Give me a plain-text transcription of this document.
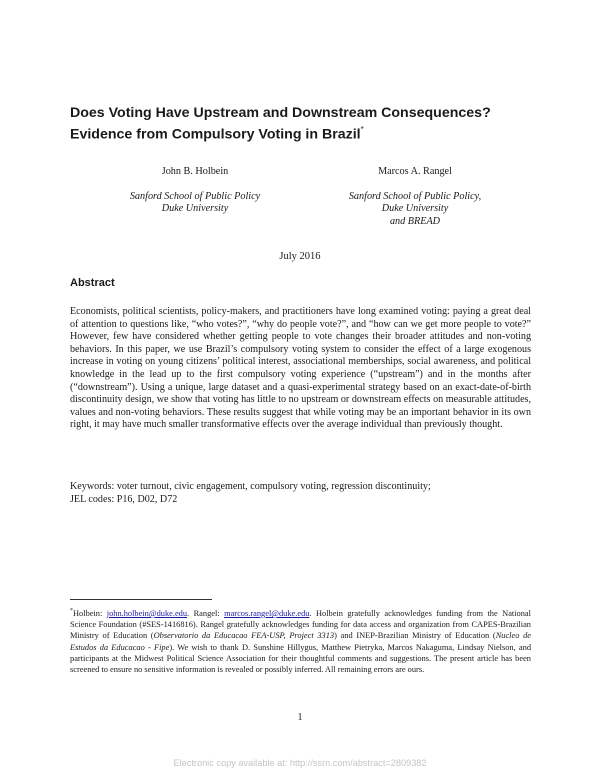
Does Voting Have Upstream and Downstream Consequences?
Evidence from Compulsory Voting in Brazil*
John B. Holbein
Sanford School of Public Policy
Duke University
Marcos A. Rangel
Sanford School of Public Policy,
Duke University
and BREAD
July 2016
Abstract
Economists, political scientists, policy-makers, and practitioners have long examined voting: paying a great deal of attention to questions like, “who votes?”, “why do people vote?”, and “how can we get more people to vote?” However, few have considered whether getting people to vote changes their broader attitudes and non-voting behaviors. In this paper, we use Brazil’s compulsory voting system to consider the effect of a large exogenous increase in voting on young citizens’ political interest, associational memberships, social awareness, and political knowledge in the lead up to the first compulsory voting experience (“upstream”) and in the months after (“downstream”). Using a unique, large dataset and a quasi-experimental strategy based on an exact-date-of-birth discontinuity design, we show that voting has little to no upstream or downstream effects on measurable attitudes, values and non-voting behaviors. These results suggest that while voting may be an important behavior in its own right, it may have much smaller transformative effects over the average individual than previously thought.
Keywords: voter turnout, civic engagement, compulsory voting, regression discontinuity;
JEL codes: P16, D02, D72
*Holbein: john.holbein@duke.edu. Rangel: marcos.rangel@duke.edu. Holbein gratefully acknowledges funding from the National Science Foundation (#SES-1416816). Rangel gratefully acknowledges funding for data access and organization from CAPES-Brazilian Ministry of Education (Observatorio da Educacao FEA-USP, Project 3313) and INEP-Brazilian Ministry of Education (Nucleo de Estudos da Educacao - Fipe). We wish to thank D. Sunshine Hillygus, Matthew Pietryka, Marcos Nakaguma, Lindsay Nielson, and participants at the Midwest Political Science Association for their thoughtful comments and suggestions. The present article has been screened to ensure no sensitive information is revealed or possibly inferred. All remaining errors are ours.
1
Electronic copy available at: http://ssrn.com/abstract=2809382
